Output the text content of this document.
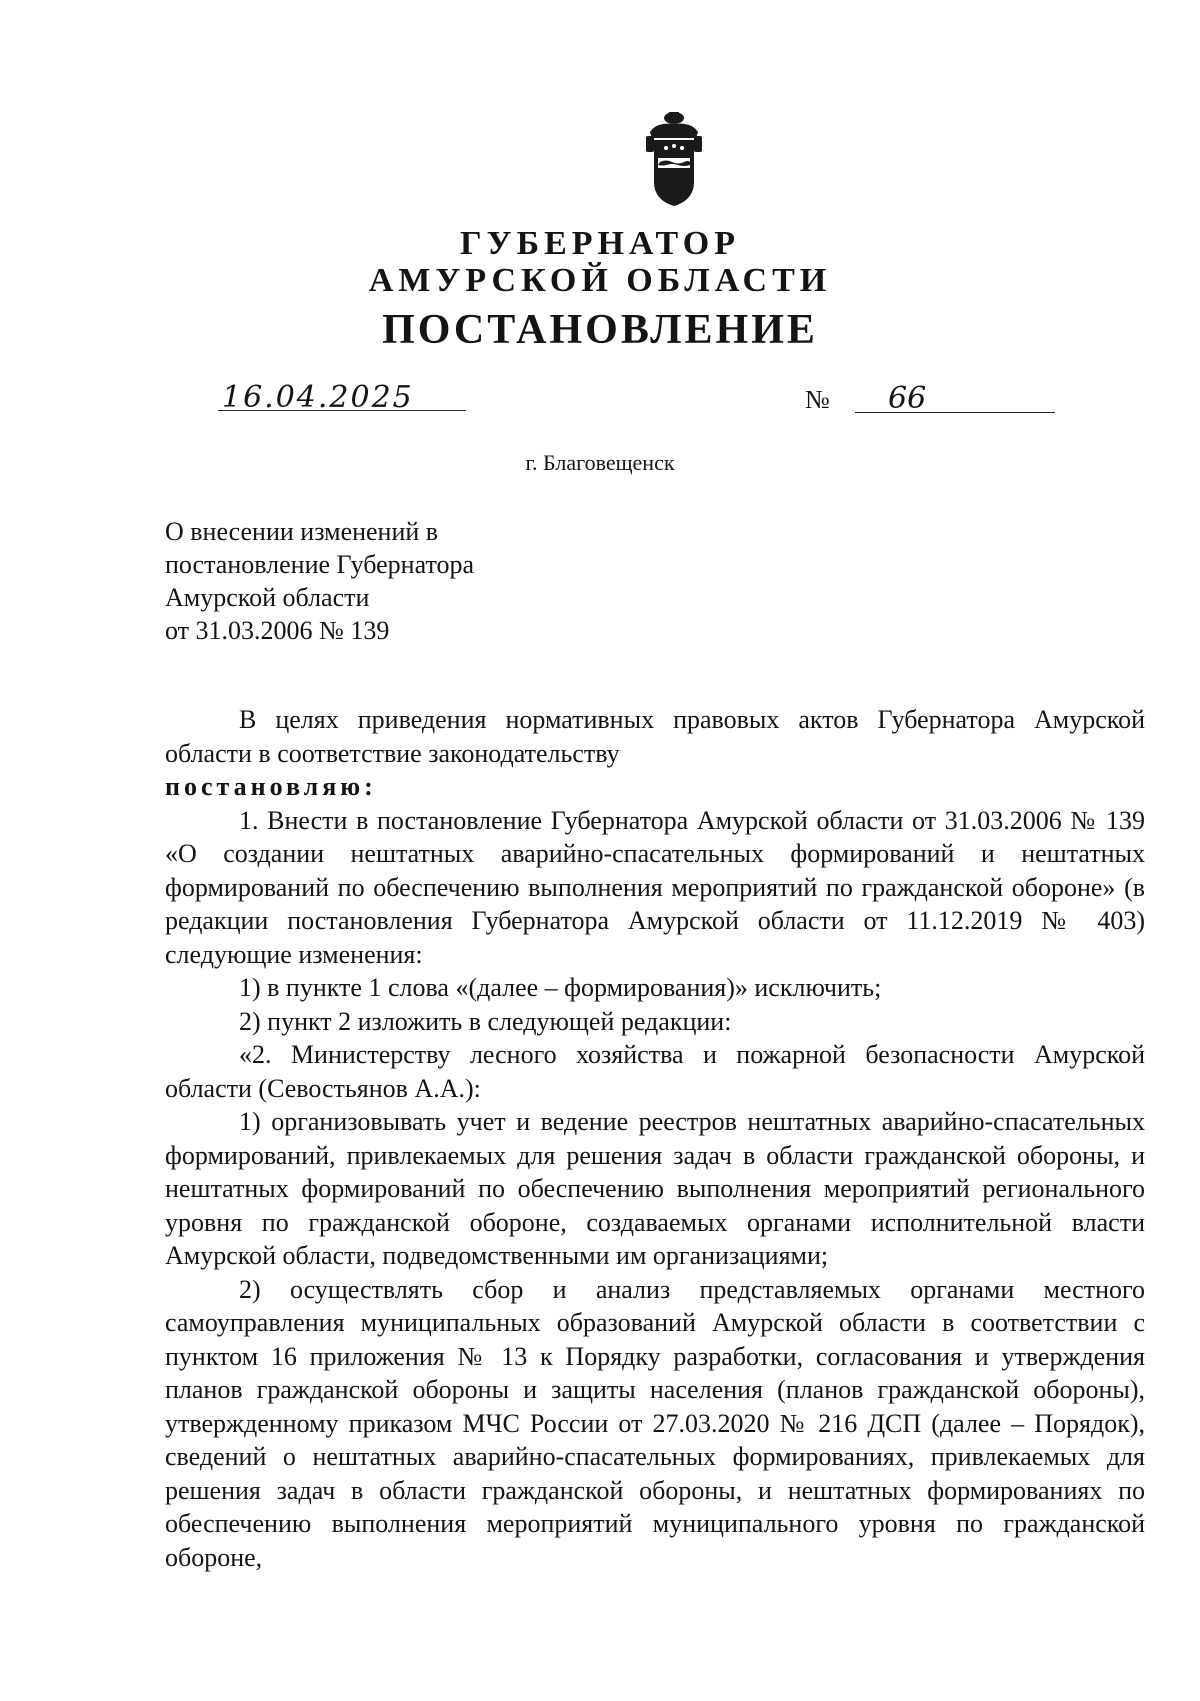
ГУБЕРНАТОР
АМУРСКОЙ ОБЛАСТИ
ПОСТАНОВЛЕНИЕ
16.04.2025	№ 66
г. Благовещенск
О внесении изменений в
постановление Губернатора
Амурской области
от 31.03.2006 № 139

В целях приведения нормативных правовых актов Губернатора Амурской области в соответствие законодательству

постановляю:

1. Внести в постановление Губернатора Амурской области от 31.03.2006 № 139 «О создании нештатных аварийно-спасательных формирований и нештатных формирований по обеспечению выполнения мероприятий по гражданской обороне» (в редакции постановления Губернатора Амурской области от 11.12.2019 № 403) следующие изменения:

1) в пункте 1 слова «(далее – формирования)» исключить;

2) пункт 2 изложить в следующей редакции:

«2. Министерству лесного хозяйства и пожарной безопасности Амурской области (Севостьянов А.А.):

1) организовывать учет и ведение реестров нештатных аварийно-спасательных формирований, привлекаемых для решения задач в области гражданской обороны, и нештатных формирований по обеспечению выполнения мероприятий регионального уровня по гражданской обороне, создаваемых органами исполнительной власти Амурской области, подведомственными им организациями;

2) осуществлять сбор и анализ представляемых органами местного самоуправления муниципальных образований Амурской области в соответствии с пунктом 16 приложения № 13 к Порядку разработки, согласования и утверждения планов гражданской обороны и защиты населения (планов гражданской обороны), утвержденному приказом МЧС России от 27.03.2020 № 216 ДСП (далее – Порядок), сведений о нештатных аварийно-спасательных формированиях, привлекаемых для решения задач в области гражданской обороны, и нештатных формированиях по обеспечению выполнения мероприятий муниципального уровня по гражданской обороне,
